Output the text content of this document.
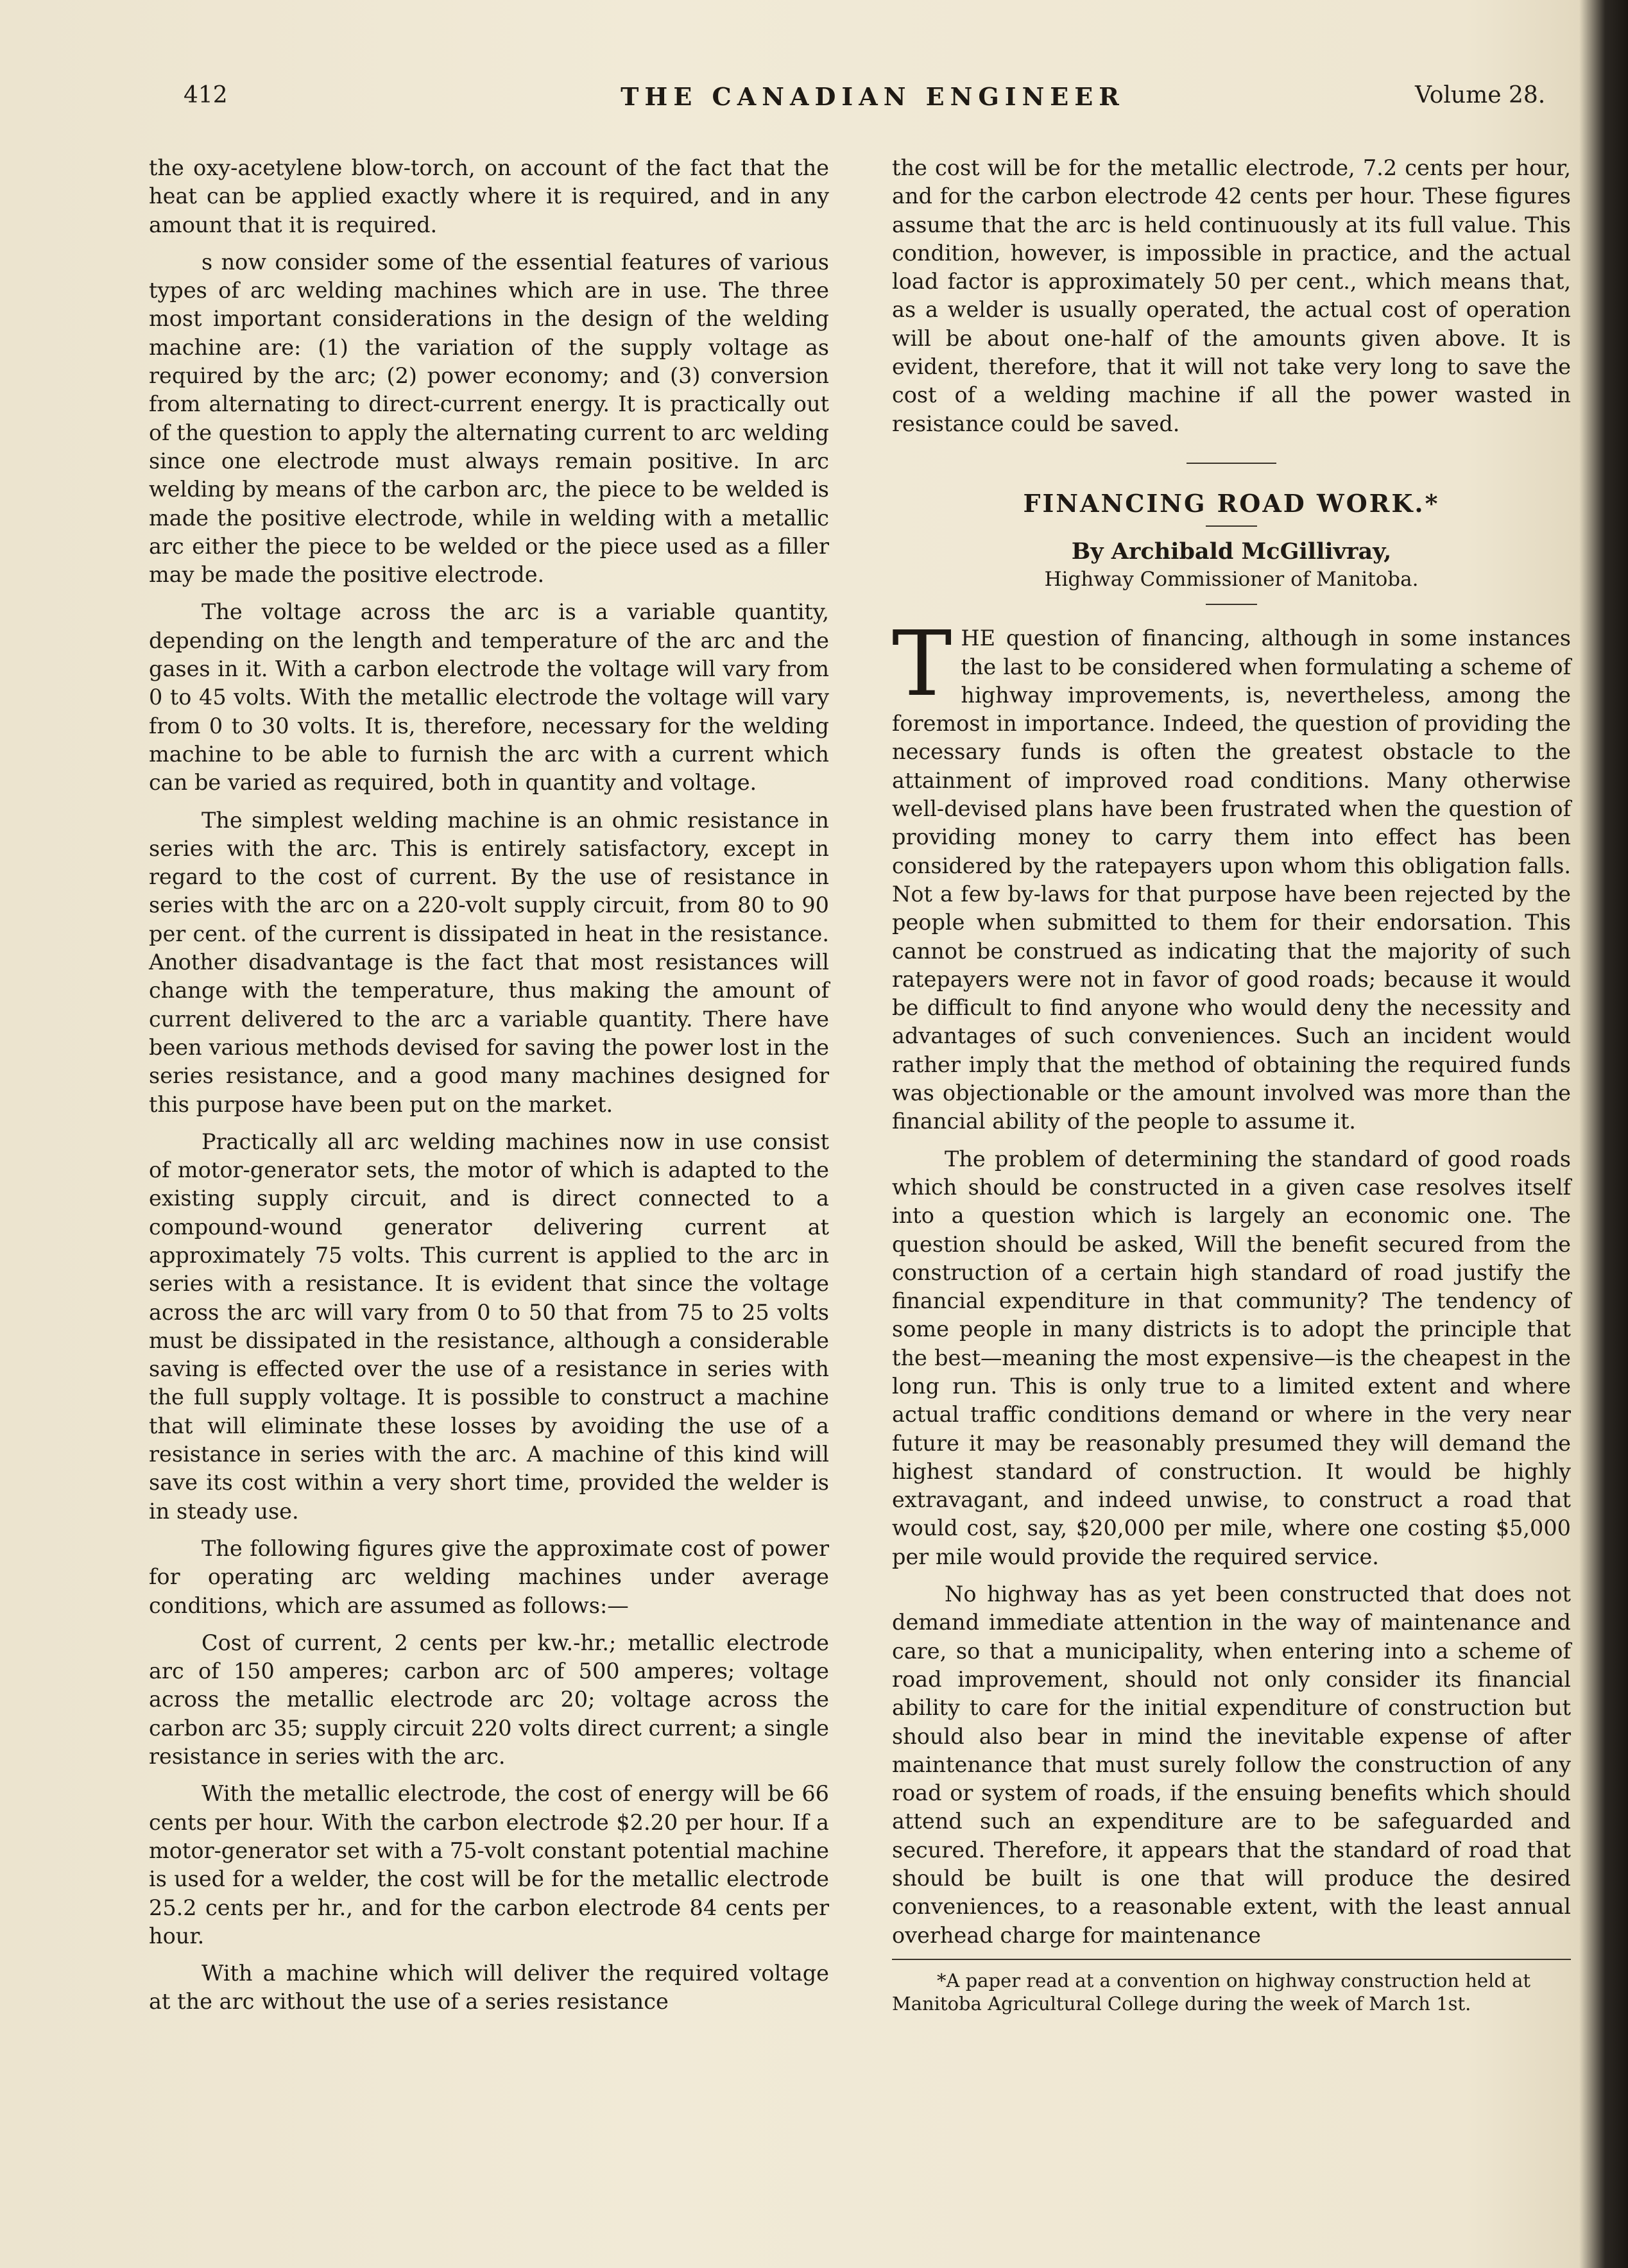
412	THE CANADIAN ENGINEER	Volume 28.

the oxy-acetylene blow-torch, on account of the fact that the heat can be applied exactly where it is required, and in any amount that it is required.

s now consider some of the essential features of various types of arc welding machines which are in use. The three most important considerations in the design of the welding machine are: (1) the variation of the supply voltage as required by the arc; (2) power economy; and (3) conversion from alternating to direct-current energy. It is practically out of the question to apply the alternating current to arc welding since one electrode must always remain positive. In arc welding by means of the carbon arc, the piece to be welded is made the positive electrode, while in welding with a metallic arc either the piece to be welded or the piece used as a filler may be made the positive electrode.

The voltage across the arc is a variable quantity, depending on the length and temperature of the arc and the gases in it. With a carbon electrode the voltage will vary from 0 to 45 volts. With the metallic electrode the voltage will vary from 0 to 30 volts. It is, therefore, necessary for the welding machine to be able to furnish the arc with a current which can be varied as required, both in quantity and voltage.

The simplest welding machine is an ohmic resistance in series with the arc. This is entirely satisfactory, except in regard to the cost of current. By the use of resistance in series with the arc on a 220-volt supply circuit, from 80 to 90 per cent. of the current is dissipated in heat in the resistance. Another disadvantage is the fact that most resistances will change with the temperature, thus making the amount of current delivered to the arc a variable quantity. There have been various methods devised for saving the power lost in the series resistance, and a good many machines designed for this purpose have been put on the market.

Practically all arc welding machines now in use consist of motor-generator sets, the motor of which is adapted to the existing supply circuit, and is direct connected to a compound-wound generator delivering current at approximately 75 volts. This current is applied to the arc in series with a resistance. It is evident that since the voltage across the arc will vary from 0 to 50 that from 75 to 25 volts must be dissipated in the resistance, although a considerable saving is effected over the use of a resistance in series with the full supply voltage. It is possible to construct a machine that will eliminate these losses by avoiding the use of a resistance in series with the arc. A machine of this kind will save its cost within a very short time, provided the welder is in steady use.

The following figures give the approximate cost of power for operating arc welding machines under average conditions, which are assumed as follows:—

Cost of current, 2 cents per kw.-hr.; metallic electrode arc of 150 amperes; carbon arc of 500 amperes; voltage across the metallic electrode arc 20; voltage across the carbon arc 35; supply circuit 220 volts direct current; a single resistance in series with the arc.

With the metallic electrode, the cost of energy will be 66 cents per hour. With the carbon electrode $2.20 per hour. If a motor-generator set with a 75-volt constant potential machine is used for a welder, the cost will be for the metallic electrode 25.2 cents per hr., and for the carbon electrode 84 cents per hour.

With a machine which will deliver the required voltage at the arc without the use of a series resistance

the cost will be for the metallic electrode, 7.2 cents per hour, and for the carbon electrode 42 cents per hour. These figures assume that the arc is held continuously at its full value. This condition, however, is impossible in practice, and the actual load factor is approximately 50 per cent., which means that, as a welder is usually operated, the actual cost of operation will be about one-half of the amounts given above. It is evident, therefore, that it will not take very long to save the cost of a welding machine if all the power wasted in resistance could be saved.

FINANCING ROAD WORK.*
By Archibald McGillivray,
Highway Commissioner of Manitoba.

THE question of financing, although in some instances the last to be considered when formulating a scheme of highway improvements, is, nevertheless, among the foremost in importance. Indeed, the question of providing the necessary funds is often the greatest obstacle to the attainment of improved road conditions. Many otherwise well-devised plans have been frustrated when the question of providing money to carry them into effect has been considered by the ratepayers upon whom this obligation falls. Not a few by-laws for that purpose have been rejected by the people when submitted to them for their endorsation. This cannot be construed as indicating that the majority of such ratepayers were not in favor of good roads; because it would be difficult to find anyone who would deny the necessity and advantages of such conveniences. Such an incident would rather imply that the method of obtaining the required funds was objectionable or the amount involved was more than the financial ability of the people to assume it.

The problem of determining the standard of good roads which should be constructed in a given case resolves itself into a question which is largely an economic one. The question should be asked, Will the benefit secured from the construction of a certain high standard of road justify the financial expenditure in that community? The tendency of some people in many districts is to adopt the principle that the best—meaning the most expensive—is the cheapest in the long run. This is only true to a limited extent and where actual traffic conditions demand or where in the very near future it may be reasonably presumed they will demand the highest standard of construction. It would be highly extravagant, and indeed unwise, to construct a road that would cost, say, $20,000 per mile, where one costing $5,000 per mile would provide the required service.

No highway has as yet been constructed that does not demand immediate attention in the way of maintenance and care, so that a municipality, when entering into a scheme of road improvement, should not only consider its financial ability to care for the initial expenditure of construction but should also bear in mind the inevitable expense of after maintenance that must surely follow the construction of any road or system of roads, if the ensuing benefits which should attend such an expenditure are to be safeguarded and secured. Therefore, it appears that the standard of road that should be built is one that will produce the desired conveniences, to a reasonable extent, with the least annual overhead charge for maintenance

*A paper read at a convention on highway construction held at Manitoba Agricultural College during the week of March 1st.
